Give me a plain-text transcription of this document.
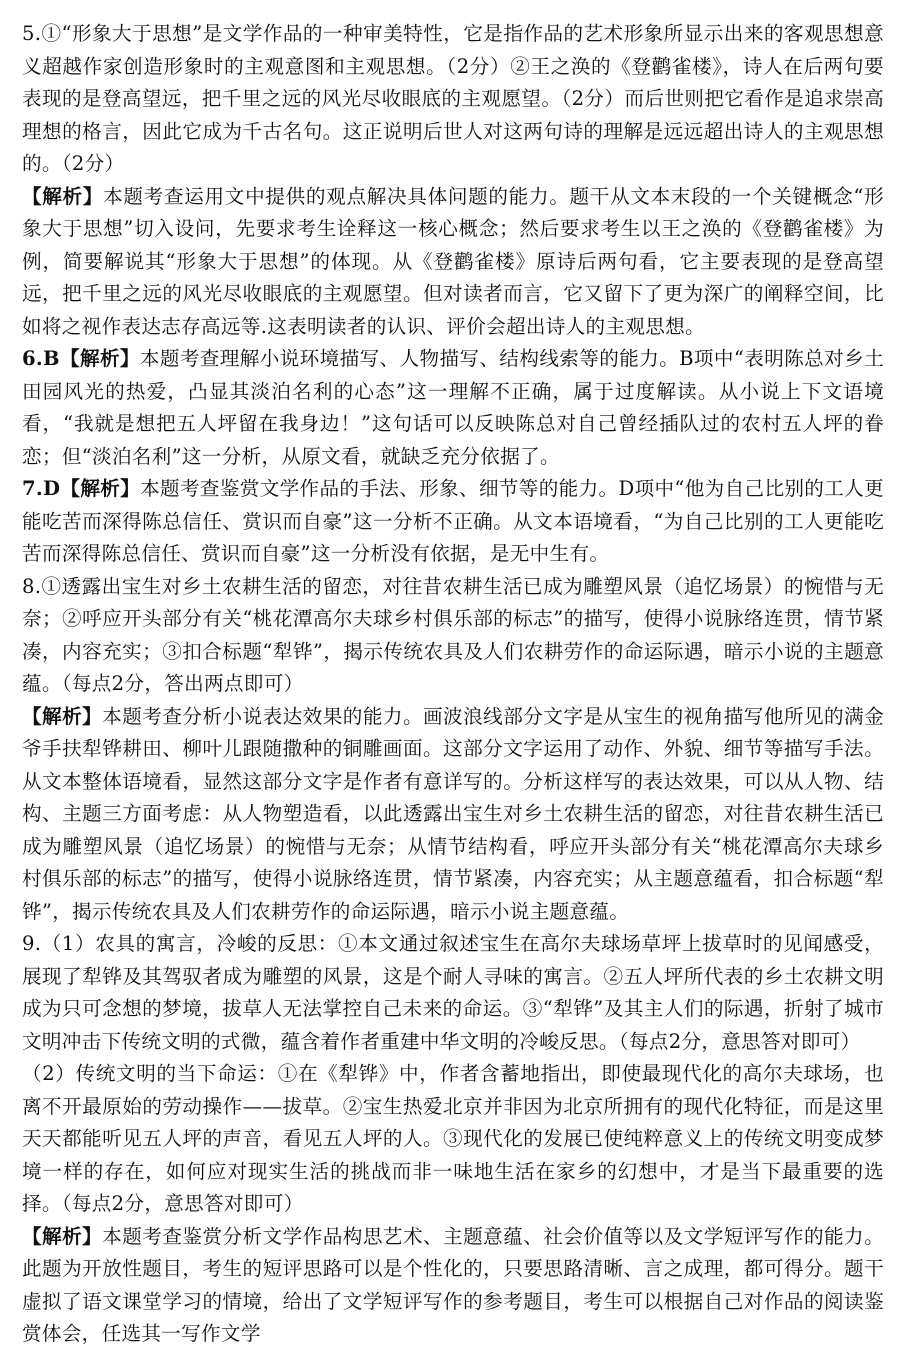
5.①“形象大于思想”是文学作品的一种审美特性，它是指作品的艺术形象所显示出来的客观思想意义超越作家创造形象时的主观意图和主观思想。（2分）②王之涣的《登鹳雀楼》，诗人在后两句要表现的是登高望远，把千里之远的风光尽收眼底的主观愿望。（2分）而后世则把它看作是追求崇高理想的格言，因此它成为千古名句。这正说明后世人对这两句诗的理解是远远超出诗人的主观思想的。（2分）

【解析】本题考查运用文中提供的观点解决具体问题的能力。题干从文本末段的一个关键概念“形象大于思想”切入设问，先要求考生诠释这一核心概念；然后要求考生以王之涣的《登鹳雀楼》为例，简要解说其“形象大于思想”的体现。从《登鹳雀楼》原诗后两句看，它主要表现的是登高望远，把千里之远的风光尽收眼底的主观愿望。但对读者而言，它又留下了更为深广的阐释空间，比如将之视作表达志存高远等.这表明读者的认识、评价会超出诗人的主观思想。

6.B【解析】本题考查理解小说环境描写、人物描写、结构线索等的能力。B项中“表明陈总对乡土田园风光的热爱，凸显其淡泊名利的心态”这一理解不正确，属于过度解读。从小说上下文语境看，“我就是想把五人坪留在我身边！”这句话可以反映陈总对自己曾经插队过的农村五人坪的眷恋；但“淡泊名利”这一分析，从原文看，就缺乏充分依据了。

7.D【解析】本题考查鉴赏文学作品的手法、形象、细节等的能力。D项中“他为自己比别的工人更能吃苦而深得陈总信任、赏识而自豪”这一分析不正确。从文本语境看，“为自己比别的工人更能吃苦而深得陈总信任、赏识而自豪”这一分析没有依据，是无中生有。

8.①透露出宝生对乡土农耕生活的留恋，对往昔农耕生活已成为雕塑风景（追忆场景）的惋惜与无奈；②呼应开头部分有关“桃花潭高尔夫球乡村俱乐部的标志”的描写，使得小说脉络连贯，情节紧凑，内容充实；③扣合标题“犁铧”，揭示传统农具及人们农耕劳作的命运际遇，暗示小说的主题意蕴。（每点2分，答出两点即可）

【解析】本题考查分析小说表达效果的能力。画波浪线部分文字是从宝生的视角描写他所见的满金爷手扶犁铧耕田、柳叶儿跟随撒种的铜雕画面。这部分文字运用了动作、外貌、细节等描写手法。从文本整体语境看，显然这部分文字是作者有意详写的。分析这样写的表达效果，可以从人物、结构、主题三方面考虑：从人物塑造看，以此透露出宝生对乡土农耕生活的留恋，对往昔农耕生活已成为雕塑风景（追忆场景）的惋惜与无奈；从情节结构看，呼应开头部分有关“桃花潭高尔夫球乡村俱乐部的标志”的描写，使得小说脉络连贯，情节紧凑，内容充实；从主题意蕴看，扣合标题“犁铧”，揭示传统农具及人们农耕劳作的命运际遇，暗示小说主题意蕴。

9.（1）农具的寓言，冷峻的反思：①本文通过叙述宝生在高尔夫球场草坪上拔草时的见闻感受，展现了犁铧及其驾驭者成为雕塑的风景，这是个耐人寻味的寓言。②五人坪所代表的乡土农耕文明成为只可念想的梦境，拔草人无法掌控自己未来的命运。③“犁铧”及其主人们的际遇，折射了城市文明冲击下传统文明的式微，蕴含着作者重建中华文明的冷峻反思。（每点2分，意思答对即可）

（2）传统文明的当下命运：①在《犁铧》中，作者含蓄地指出，即使最现代化的高尔夫球场，也离不开最原始的劳动操作——拔草。②宝生热爱北京并非因为北京所拥有的现代化特征，而是这里天天都能听见五人坪的声音，看见五人坪的人。③现代化的发展已使纯粹意义上的传统文明变成梦境一样的存在，如何应对现实生活的挑战而非一味地生活在家乡的幻想中，才是当下最重要的选择。（每点2分，意思答对即可）

【解析】本题考查鉴赏分析文学作品构思艺术、主题意蕴、社会价值等以及文学短评写作的能力。此题为开放性题目，考生的短评思路可以是个性化的，只要思路清晰、言之成理，都可得分。题干虚拟了语文课堂学习的情境，给出了文学短评写作的参考题目，考生可以根据自己对作品的阅读鉴赏体会，任选其一写作文学
